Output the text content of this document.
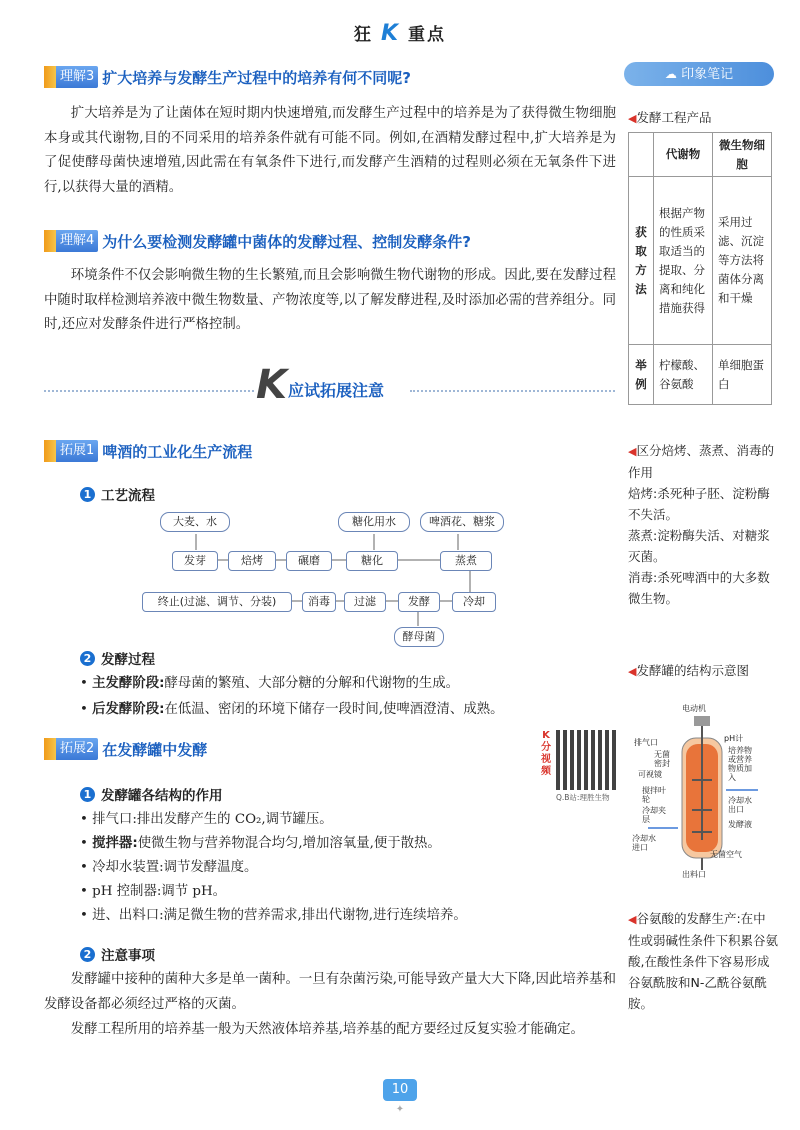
狂 K 重点
☁ 印象笔记
理解3 扩大培养与发酵生产过程中的培养有何不同呢?
扩大培养是为了让菌体在短时期内快速增殖,而发酵生产过程中的培养是为了获得微生物细胞本身或其代谢物,目的不同采用的培养条件就有可能不同。例如,在酒精发酵过程中,扩大培养是为了促使酵母菌快速增殖,因此需在有氧条件下进行,而发酵产生酒精的过程则必须在无氧条件下进行,以获得大量的酒精。
理解4 为什么要检测发酵罐中菌体的发酵过程、控制发酵条件?
环境条件不仅会影响微生物的生长繁殖,而且会影响微生物代谢物的形成。因此,要在发酵过程中随时取样检测培养液中微生物数量、产物浓度等,以了解发酵进程,及时添加必需的营养组分。同时,还应对发酵条件进行严格控制。
◀发酵工程产品
	代谢物	微生物细胞
获取方法	根据产物的性质采取适当的提取、分离和纯化措施获得	采用过滤、沉淀等方法将菌体分离和干燥
举例	柠檬酸、谷氨酸	单细胞蛋白
K 应试拓展注意
拓展1 啤酒的工业化生产流程
1 工艺流程
大麦、水	糖化用水	啤酒花、糖浆
发芽	焙烤	碾磨	糖化	蒸煮
冷却
发酵
过滤
消毒
终止(过滤、调节、分装)
酵母菌
2 发酵过程
• 主发酵阶段:酵母菌的繁殖、大部分糖的分解和代谢物的生成。
• 后发酵阶段:在低温、密闭的环境下储存一段时间,使啤酒澄清、成熟。
◀区分焙烤、蒸煮、消毒的作用
焙烤:杀死种子胚、淀粉酶不失活。
蒸煮:淀粉酶失活、对糖浆灭菌。
消毒:杀死啤酒中的大多数微生物。
拓展2 在发酵罐中发酵
K分视频
Q.B站:理胜生物
1 发酵罐各结构的作用
• 排气口:排出发酵产生的 CO₂,调节罐压。
• 搅拌器:使微生物与营养物混合均匀,增加溶氧量,便于散热。
• 冷却水装置:调节发酵温度。
• pH 控制器:调节 pH。
• 进、出料口:满足微生物的营养需求,排出代谢物,进行连续培养。
2 注意事项
发酵罐中接种的菌种大多是单一菌种。一旦有杂菌污染,可能导致产量大大下降,因此培养基和发酵设备都必须经过严格的灭菌。
发酵工程所用的培养基一般为天然液体培养基,培养基的配方要经过反复实验才能确定。
◀发酵罐的结构示意图
电动机
排气口	pH计
无菌密封
培养物或营养物质加入
可视镜
搅拌叶轮	冷却水出口
冷却夹层
发酵液
冷却水进口
无菌空气
出料口
◀谷氨酸的发酵生产:在中性或弱碱性条件下积累谷氨酸,在酸性条件下容易形成谷氨酰胺和N-乙酰谷氨酰胺。
10
✦
